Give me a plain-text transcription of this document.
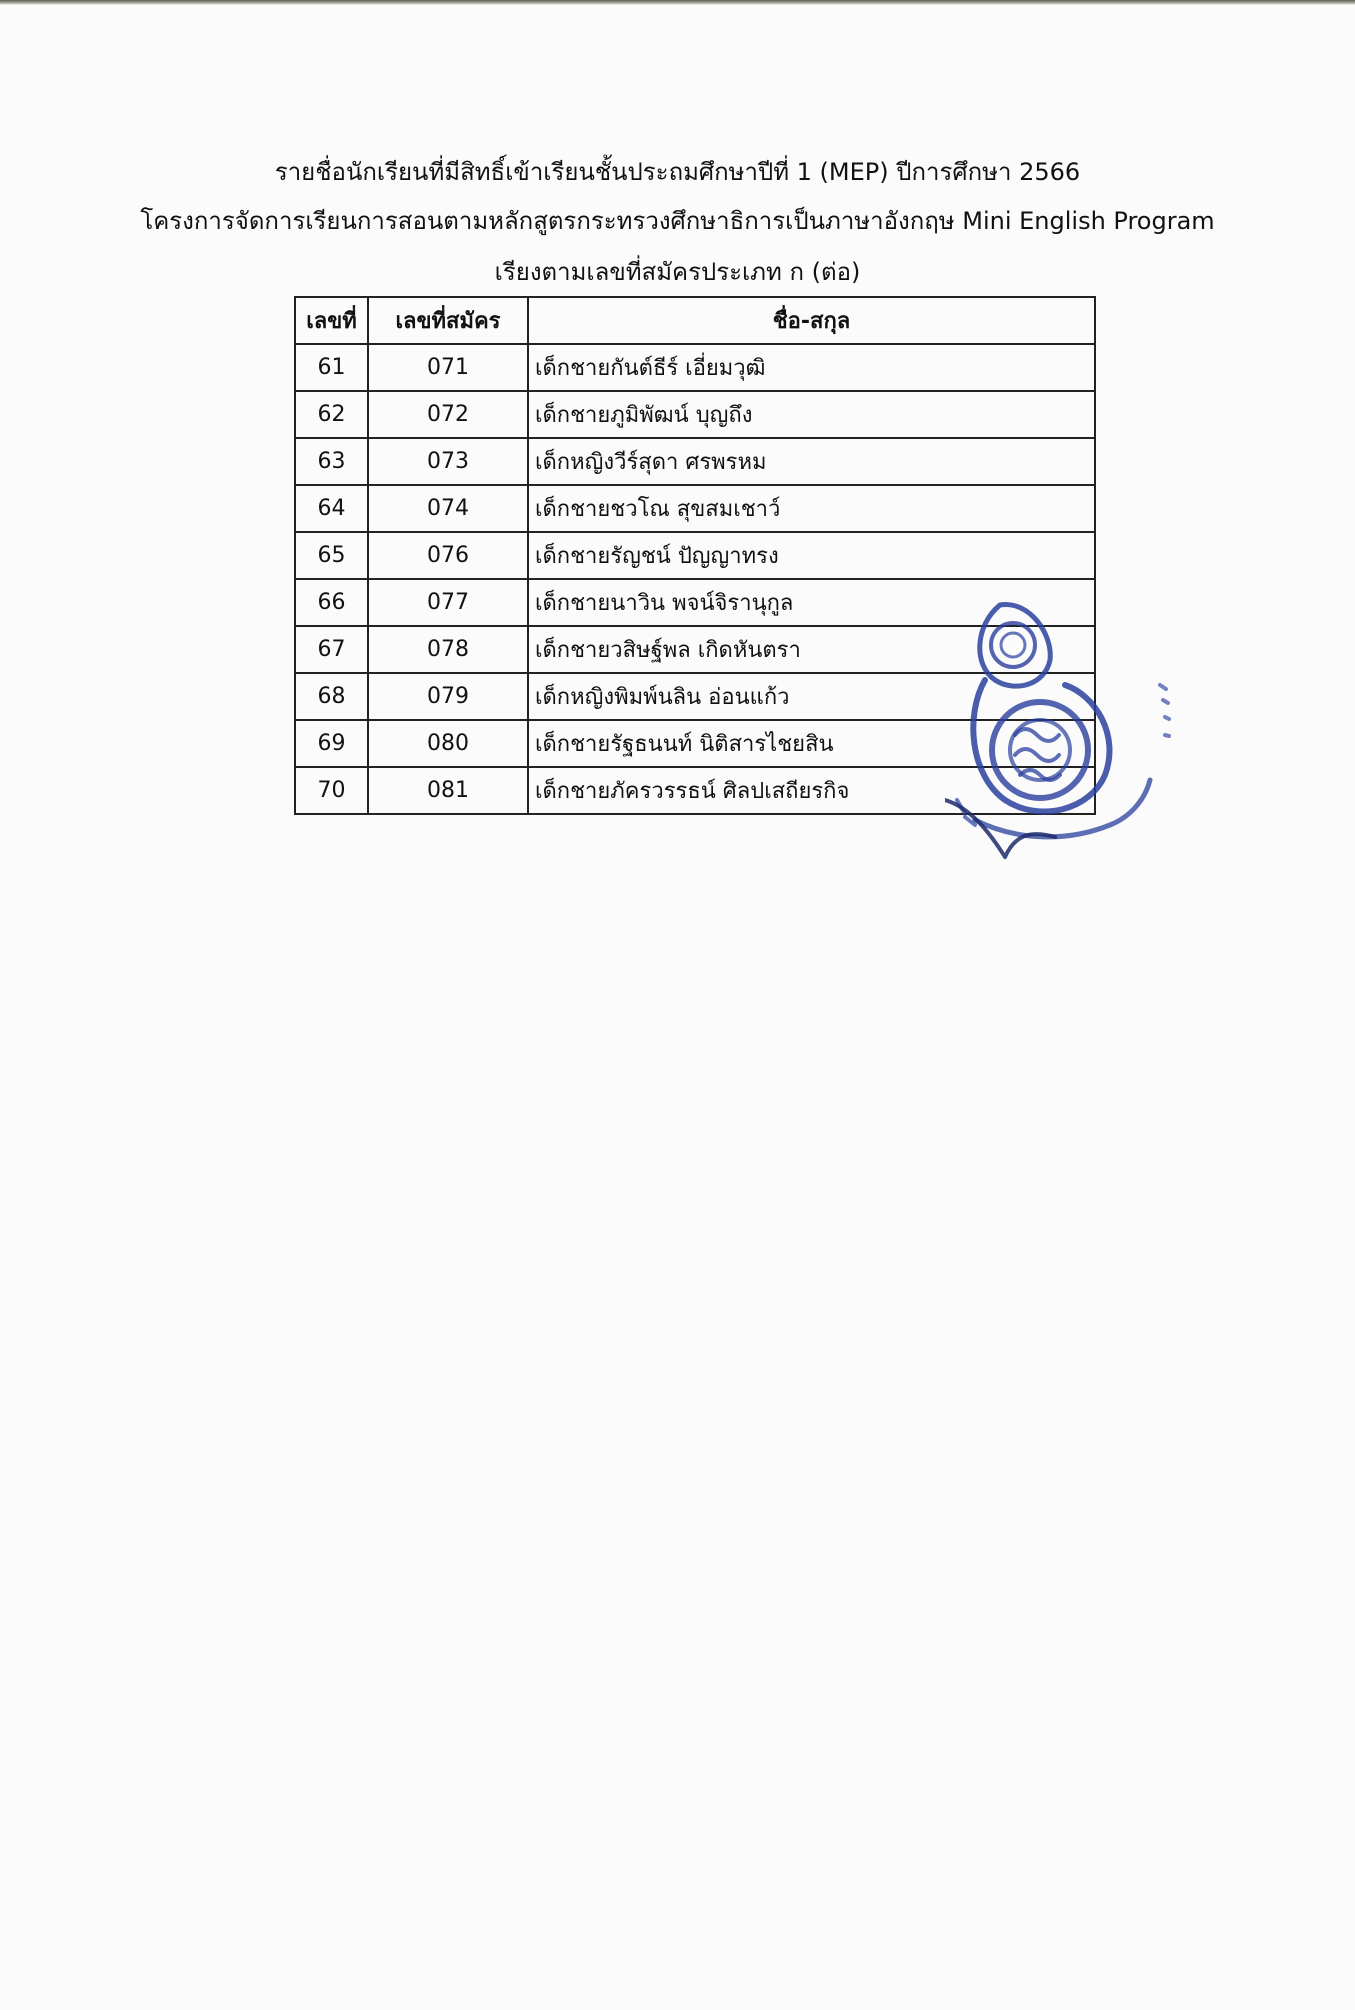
รายชื่อนักเรียนที่มีสิทธิ์เข้าเรียนชั้นประถมศึกษาปีที่ 1 (MEP) ปีการศึกษา 2566
โครงการจัดการเรียนการสอนตามหลักสูตรกระทรวงศึกษาธิการเป็นภาษาอังกฤษ Mini English Program
เรียงตามเลขที่สมัครประเภท ก (ต่อ)
เลขที่	เลขที่สมัคร	ชื่อ-สกุล
61	071	เด็กชายกันต์ธีร์ เอี่ยมวุฒิ
62	072	เด็กชายภูมิพัฒน์ บุญถึง
63	073	เด็กหญิงวีร์สุดา ศรพรหม
64	074	เด็กชายชวโณ สุขสมเชาว์
65	076	เด็กชายรัญชน์ ปัญญาทรง
66	077	เด็กชายนาวิน พจน์จิรานุกูล
67	078	เด็กชายวสิษฐ์พล เกิดหันตรา
68	079	เด็กหญิงพิมพ์นลิน อ่อนแก้ว
69	080	เด็กชายรัฐธนนท์ นิติสารไชยสิน
70	081	เด็กชายภัครวรรธน์ ศิลปเสถียรกิจ
